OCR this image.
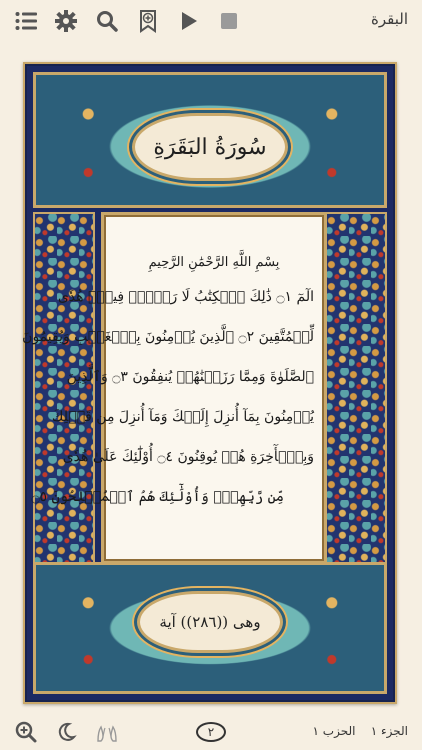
البقرة
سُورَةُ البَقَرَةِ
بِسْمِ اللَّهِ الرَّحْمَٰنِ الرَّحِيمِ
الٓمٓ ۝١ ذَٰلِكَ ٱلۡكِتَٰبُ لَا رَيۡبَۛ فِيهِۛ هُدٗى
لِّلۡمُتَّقِينَ ۝٢ ٱلَّذِينَ يُؤۡمِنُونَ بِٱلۡغَيۡبِ وَيُقِيمُونَ
ٱلصَّلَوٰةَ وَمِمَّا رَزَقۡنَٰهُمۡ يُنفِقُونَ ۝٣ وَٱلَّذِينَ
يُؤۡمِنُونَ بِمَآ أُنزِلَ إِلَيۡكَ وَمَآ أُنزِلَ مِن قَبۡلِكَ
وَبِٱلۡأٓخِرَةِ هُمۡ يُوقِنُونَ ۝٤ أُوْلَٰٓئِكَ عَلَىٰ هُدٗى
مِّن رَّبِّهِمۡۖ وَأُوْلَٰٓئِكَ هُمُ ٱلۡمُفۡلِحُونَ ۝٥
وهى ((٢٨٦)) آية
٢	الجزء ١    الحزب ١
